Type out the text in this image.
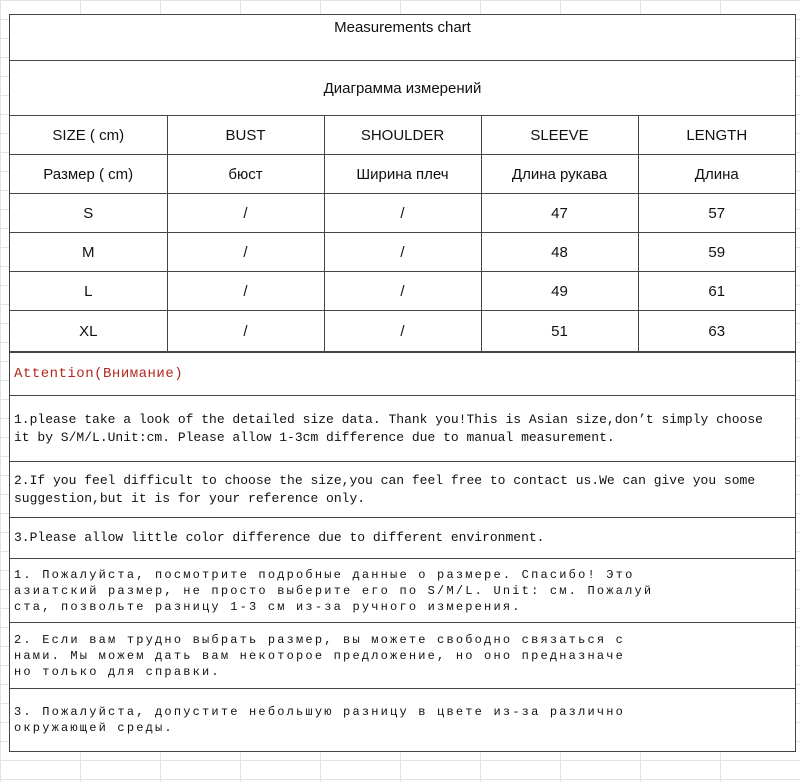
Measurements chart
Диаграмма измерений
SIZE ( cm)	BUST	SHOULDER	SLEEVE	LENGTH
Размер ( cm)	бюст	Ширина плеч	Длина рукава	Длина
S	/	/	47	57
M	/	/	48	59
L	/	/	49	61
XL	/	/	51	63
Attention(Внимание)
1.please take a look of the detailed size data. Thank you!This is Asian size,don’t simply choose
it by S/M/L.Unit:cm. Please allow 1-3cm difference due to manual measurement.
2.If you feel difficult to choose the size,you can feel free to contact us.We can give you some
suggestion,but it is for your reference only.
3.Please allow little color difference due to different environment.
1. Пожалуйста, посмотрите подробные данные о размере. Спасибо! Это
азиатский размер, не просто выберите его по S/M/L. Unit: см. Пожалуй
ста, позвольте разницу 1-3 см из-за ручного измерения.
2. Если вам трудно выбрать размер, вы можете свободно связаться с
нами. Мы можем дать вам некоторое предложение, но оно предназначе
но только для справки.
3. Пожалуйста, допустите небольшую разницу в цвете из-за различно
окружающей среды.
